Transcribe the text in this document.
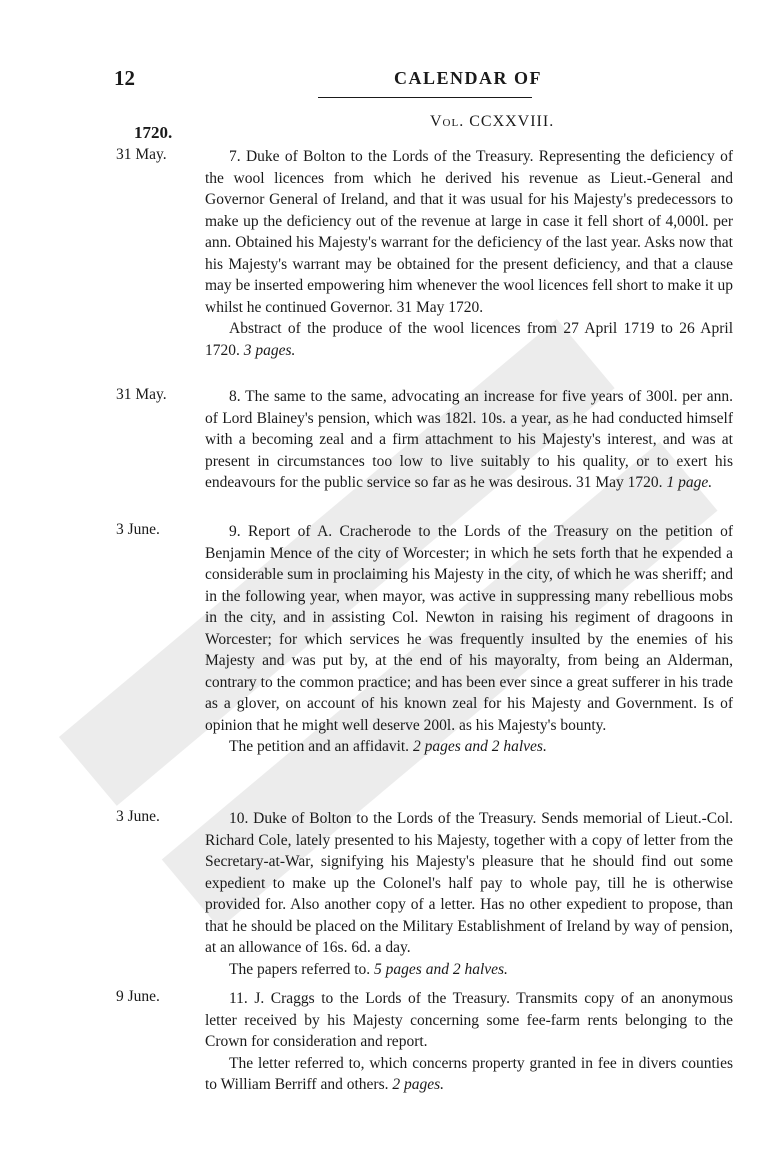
12	CALENDAR OF
Vol. CCXXVIII.
1720.
31 May.	7. Duke of Bolton to the Lords of the Treasury. Representing the deficiency of the wool licences from which he derived his revenue as Lieut.-General and Governor General of Ireland, and that it was usual for his Majesty's predecessors to make up the deficiency out of the revenue at large in case it fell short of 4,000l. per ann. Obtained his Majesty's warrant for the deficiency of the last year. Asks now that his Majesty's warrant may be obtained for the present deficiency, and that a clause may be inserted empowering him whenever the wool licences fell short to make it up whilst he continued Governor. 31 May 1720.

Abstract of the produce of the wool licences from 27 April 1719 to 26 April 1720. 3 pages.

31 May.	8. The same to the same, advocating an increase for five years of 300l. per ann. of Lord Blainey's pension, which was 182l. 10s. a year, as he had conducted himself with a becoming zeal and a firm attachment to his Majesty's interest, and was at present in circumstances too low to live suitably to his quality, or to exert his endeavours for the public service so far as he was desirous. 31 May 1720. 1 page.

3 June.	9. Report of A. Cracherode to the Lords of the Treasury on the petition of Benjamin Mence of the city of Worcester; in which he sets forth that he expended a considerable sum in proclaiming his Majesty in the city, of which he was sheriff; and in the following year, when mayor, was active in suppressing many rebellious mobs in the city, and in assisting Col. Newton in raising his regiment of dragoons in Worcester; for which services he was frequently insulted by the enemies of his Majesty and was put by, at the end of his mayoralty, from being an Alderman, contrary to the common practice; and has been ever since a great sufferer in his trade as a glover, on account of his known zeal for his Majesty and Government. Is of opinion that he might well deserve 200l. as his Majesty's bounty.

The petition and an affidavit. 2 pages and 2 halves.

3 June.	10. Duke of Bolton to the Lords of the Treasury. Sends memorial of Lieut.-Col. Richard Cole, lately presented to his Majesty, together with a copy of letter from the Secretary-at-War, signifying his Majesty's pleasure that he should find out some expedient to make up the Colonel's half pay to whole pay, till he is otherwise provided for. Also another copy of a letter. Has no other expedient to propose, than that he should be placed on the Military Establishment of Ireland by way of pension, at an allowance of 16s. 6d. a day.

The papers referred to. 5 pages and 2 halves.

9 June.	11. J. Craggs to the Lords of the Treasury. Transmits copy of an anonymous letter received by his Majesty concerning some fee-farm rents belonging to the Crown for consideration and report.

The letter referred to, which concerns property granted in fee in divers counties to William Berriff and others. 2 pages.
